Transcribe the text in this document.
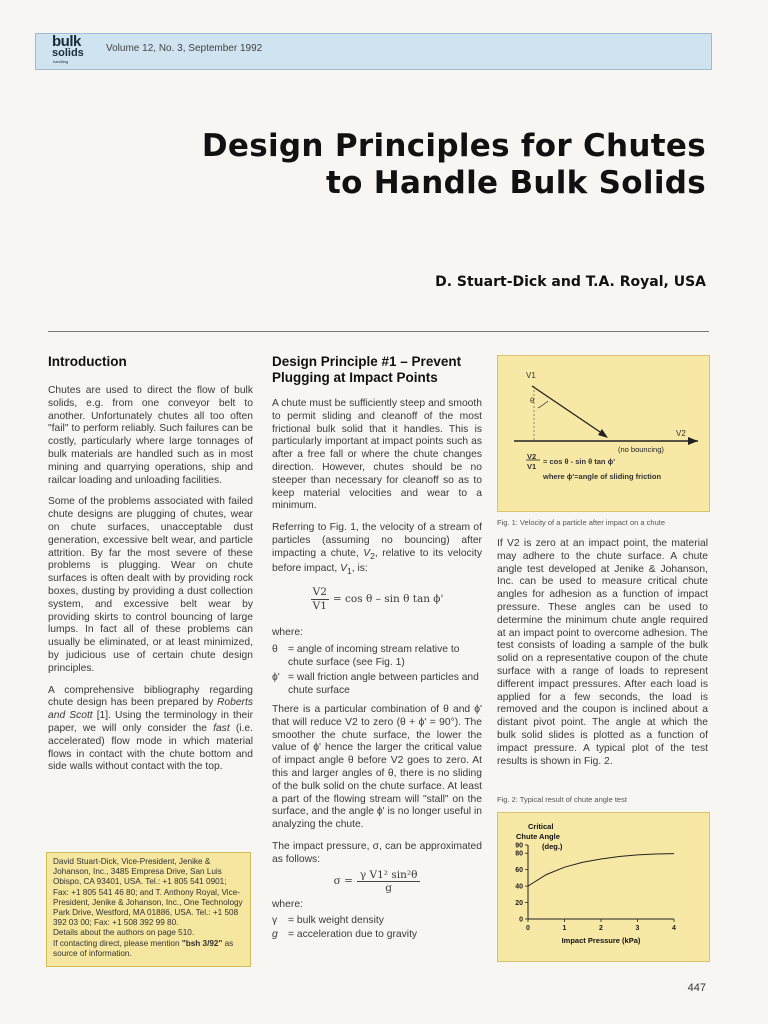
bulk
solids
handling
Volume 12, No. 3, September 1992
Design Principles for Chutes
to Handle Bulk Solids
D. Stuart-Dick and T.A. Royal, USA
Introduction

Chutes are used to direct the flow of bulk solids, e.g. from one conveyor belt to another. Unfortunately chutes all too often "fail" to perform reliably. Such failures can be costly, particularly where large tonnages of bulk materials are handled such as in most mining and quarrying operations, ship and railcar loading and unloading facilities.

Some of the problems associated with failed chute designs are plugging of chutes, wear on chute surfaces, unacceptable dust generation, excessive belt wear, and particle attrition. By far the most severe of these problems is plugging. Wear on chute surfaces is often dealt with by providing rock boxes, dusting by providing a dust collection system, and excessive belt wear by providing skirts to control bouncing of large lumps. In fact all of these problems can usually be eliminated, or at least minimized, by judicious use of certain chute design principles.

A comprehensive bibliography regarding chute design has been prepared by Roberts and Scott [1]. Using the terminology in their paper, we will only consider the fast (i.e. accelerated) flow mode in which material flows in contact with the chute bottom and side walls without contact with the top.

David Stuart-Dick, Vice-President, Jenike & Johanson, Inc., 3485 Empresa Drive, San Luis Obispo, CA 93401, USA. Tel.: +1 805 541 0901; Fax: +1 805 541 46 80; and T. Anthony Royal, Vice-President, Jenike & Johanson, Inc., One Technology Park Drive, Westford, MA 01886, USA. Tel.: +1 508 392 03 00; Fax: +1 508 392 99 80.
Details about the authors on page 510.
If contacting direct, please mention "bsh 3/92" as source of information.
Design Principle #1 – Prevent Plugging at Impact Points

A chute must be sufficiently steep and smooth to permit sliding and cleanoff of the most frictional bulk solid that it handles. This is particularly important at impact points such as after a free fall or where the chute changes direction. However, chutes should be no steeper than necessary for cleanoff so as to keep material velocities and wear to a minimum.

Referring to Fig. 1, the velocity of a stream of particles (assuming no bouncing) after impacting a chute, $V_2$, relative to its velocity before impact, $V_1$, is:

$\frac{V2}{V1} = \cos \theta - \sin \theta$ tan ϕ'

where:

θ = angle of incoming stream relative to chute surface (see Fig. 1)
ϕ' = wall friction angle between particles and chute surface

There is a particular combination of θ and ϕ' that will reduce V2 to zero (θ + ϕ' = 90°). The smoother the chute surface, the lower the value of ϕ' hence the larger the critical value of impact angle θ before V2 goes to zero. At this and larger angles of θ, there is no sliding of the bulk solid on the chute surface. At least a part of the flowing stream will "stall" on the surface, and the angle ϕ' is no longer useful in analyzing the chute.

The impact pressure, σ, can be approximated as follows:

$\sigma = \frac{\text{γ V1² sin²θ}}{g}$

where:

γ	= bulk weight density
g = acceleration due to gravity
V1
V2
θ
(no bouncing)
V2
V1
= cos θ - sin θ tan ϕ'
where ϕ'=angle of sliding friction
Fig. 1: Velocity of a particle after impact on a chute

If V2 is zero at an impact point, the material may adhere to the chute surface. A chute angle test developed at Jenike & Johanson, Inc. can be used to measure critical chute angles for adhesion as a function of impact pressure. These angles can be used to determine the minimum chute angle required at an impact point to overcome adhesion. The test consists of loading a sample of the bulk solid on a representative coupon of the chute surface with a range of loads to represent different impact pressures. After each load is applied for a few seconds, the load is removed and the coupon is inclined about a distant pivot point. The angle at which the bulk solid slides is plotted as a function of impact pressure. A typical plot of the test results is shown in Fig. 2.

Fig. 2: Typical result of chute angle test
Critical
Chute Angle
(deg.)
0
20
40
60
80
90
0	1	2	3	4
Impact Pressure (kPa)
447
